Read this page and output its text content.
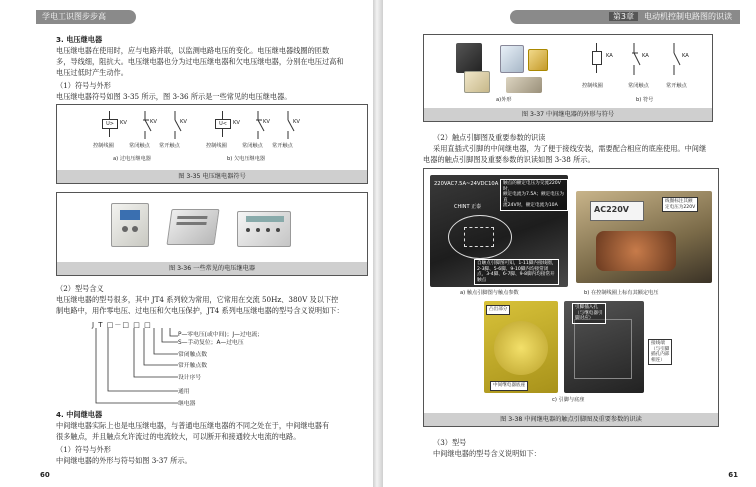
学电工识图步步高
3. 电压继电器
电压继电器在使用时，应与电路并联，以监测电路电压的变化。电压继电器线圈的匝数
多，导线细，阻抗大。电压继电器也分为过电压继电器和欠电压继电器，分别在电压过高和
电压过低时产生动作。
（1）符号与外形
电压继电器符号如图 3-35 所示，图 3-36 所示是一些常见的电压继电器。
U>	KV	KV	KV
控制线圈	常闭触点 常开触点
a) 过电压继电器
U<	KV	KV	KV
控制线圈	常闭触点 常开触点
b) 欠电压继电器
图 3-35 电压继电器符号
图 3-36 一些常见的电压继电器
（2）型号含义
电压继电器的型号很多，其中 JT4 系列较为常用，它常用在交流 50Hz、380V 及以下控
制电路中，用作零电压、过电压和欠电压保护，JT4 系列电压继电器的型号含义说明如下：
J T □－□ □ □
P—零电压(或中间)；J—过电流；
S—手动复位；A—过电压
常闭触点数
常开触点数
设计序号
通用
继电器
4. 中间继电器
中间继电器实际上也是电压继电器，与普通电压继电器的不同之处在于，中间继电器有
很多触点，并且触点允许流过的电流较大，可以断开和接通较大电流的电路。
（1）符号与外形
中间继电器的外形与符号如图 3-37 所示。
60
第3章 电动机控制电路图的识读
a)外形
KA	KA	KA
控制线圈	常闭触点	常开触点
b) 符号
图 3-37 中间继电器的外形与符号
（2）触点引脚图及重要参数的识读
采用直插式引脚的中间继电器，为了便于接线安装，需要配合相应的底座使用。中间继
电器的触点引脚图及重要参数的识读如图 3-38 所示。
220VAC7.5A~24VDC10A
CHINT 正泰
触点的额定电压为交流220V时，
额定电流为7.5A；额定电压为直
流24V时，额定电流为10A
自触点引脚图可知，1-11脚内接线圈，
2-3脚、5-6脚、9-10脚内均接常闭
点，3-4脚、6-7脚、9-8脚内均接常开
触点
a) 触点引脚图与触点参数
AC220V
线圈标注其额
定电压为220V
b) 在控制线圈上标有其额定电压
凸出部分
中间继电器底座
引脚插入孔
（与继电器引
脚对应）
接线端
（与引脚
插孔内部
相连）
c) 引脚与底座
图 3-38 中间继电器的触点引脚图及重要参数的识读
（3）型号
中间继电器的型号含义说明如下：
61
